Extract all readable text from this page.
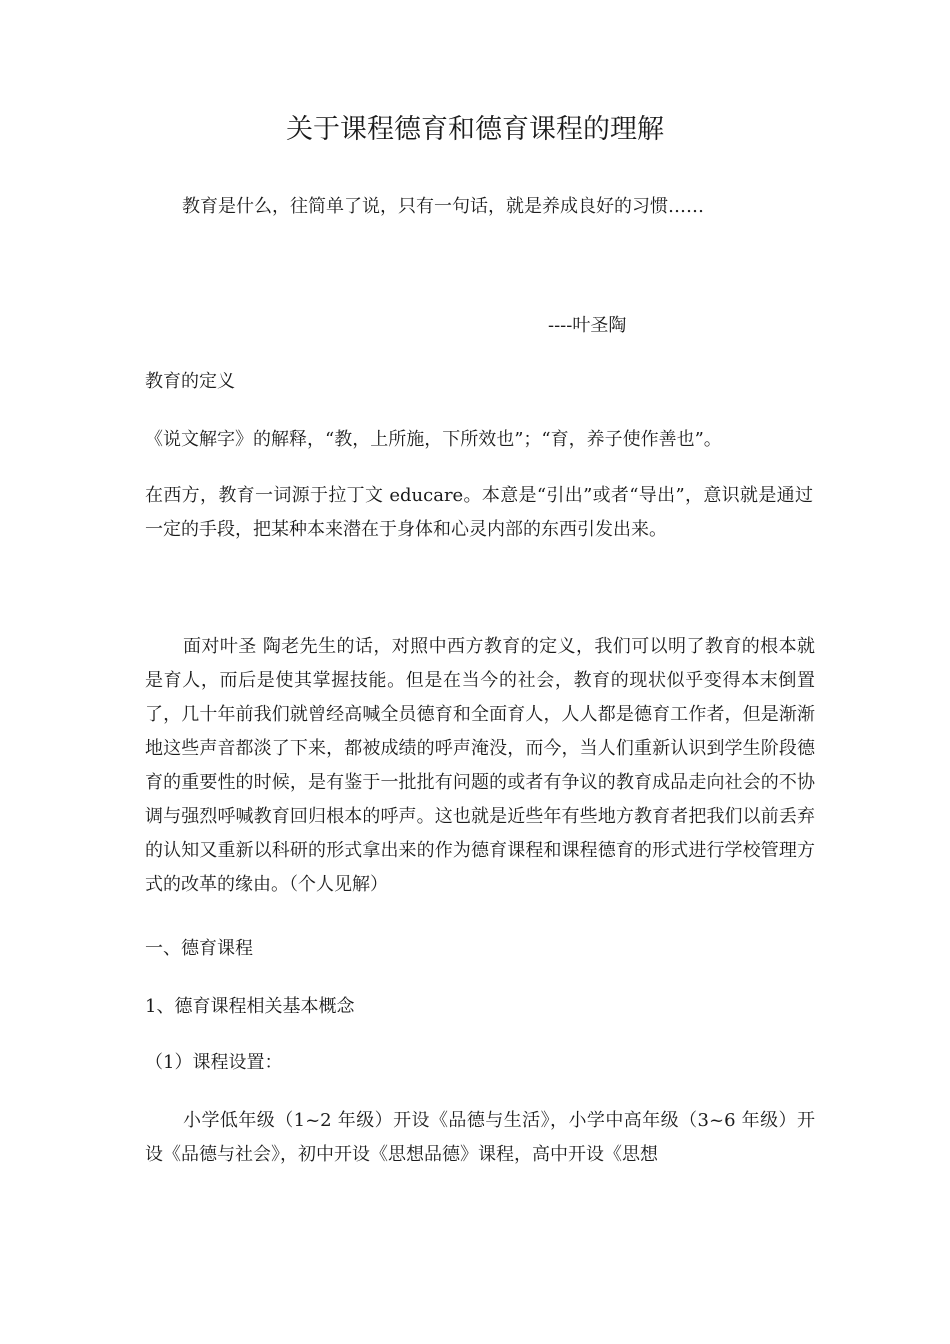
关于课程德育和德育课程的理解
教育是什么，往简单了说，只有一句话，就是养成良好的习惯……
----叶圣陶
教育的定义
《说文解字》的解释，“教，上所施，下所效也”；“育，养子使作善也”。
在西方，教育一词源于拉丁文 educare。本意是“引出”或者“导出”，意识就是通过一定的手段，把某种本来潜在于身体和心灵内部的东西引发出来。
面对叶圣 陶老先生的话，对照中西方教育的定义，我们可以明了教育的根本就是育人，而后是使其掌握技能。但是在当今的社会，教育的现状似乎变得本末倒置了，几十年前我们就曾经高喊全员德育和全面育人，人人都是德育工作者，但是渐渐地这些声音都淡了下来，都被成绩的呼声淹没，而今，当人们重新认识到学生阶段德育的重要性的时候，是有鉴于一批批有问题的或者有争议的教育成品走向社会的不协调与强烈呼喊教育回归根本的呼声。这也就是近些年有些地方教育者把我们以前丢弃的认知又重新以科研的形式拿出来的作为德育课程和课程德育的形式进行学校管理方式的改革的缘由。（个人见解）
一、德育课程
1、德育课程相关基本概念
（1）课程设置：
小学低年级（1~2 年级）开设《品德与生活》，小学中高年级（3~6 年级）开设《品德与社会》，初中开设《思想品德》课程，高中开设《思想
